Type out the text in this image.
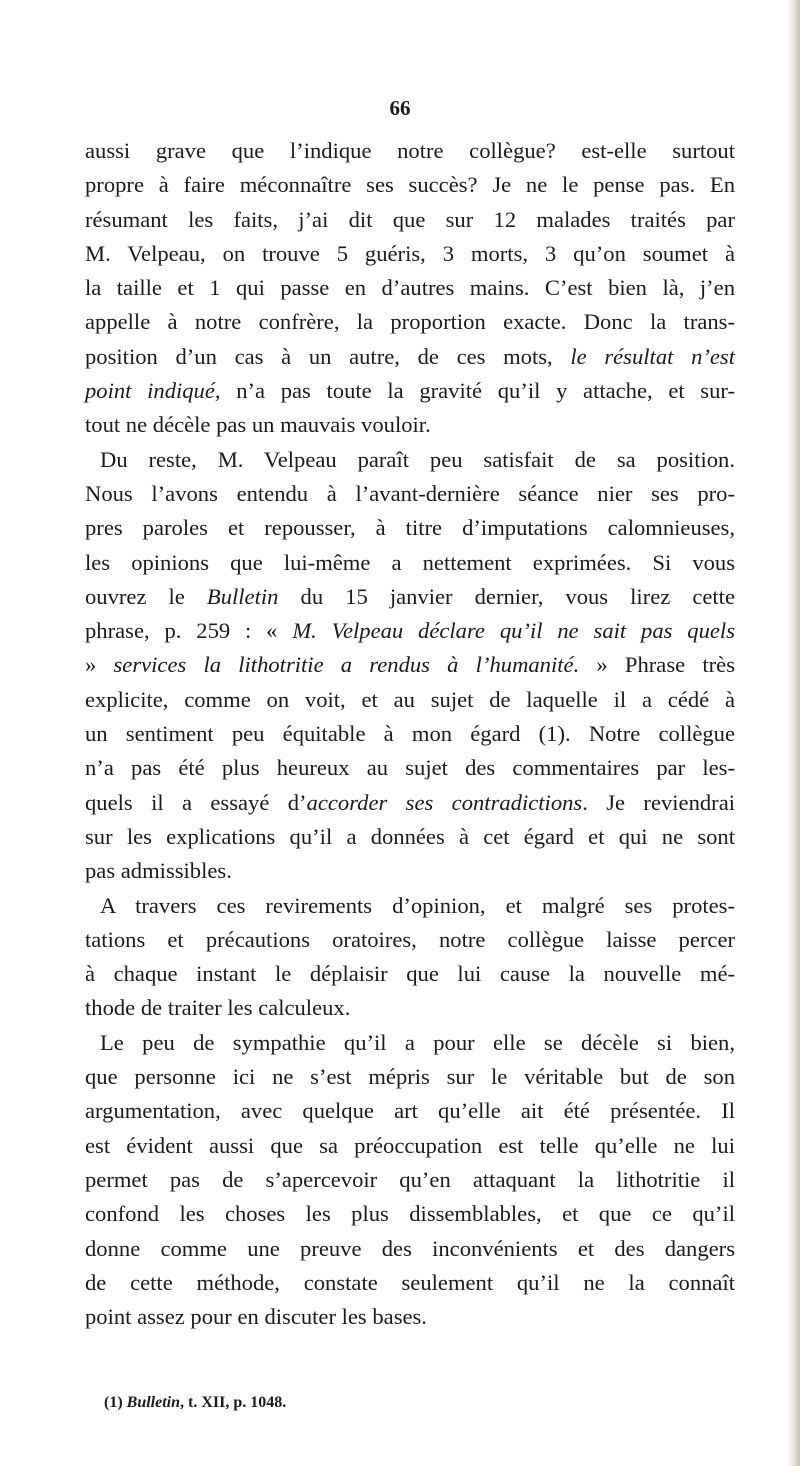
66
aussi grave que l’indique notre collègue? est-elle surtout
propre à faire méconnaître ses succès? Je ne le pense pas. En
résumant les faits, j’ai dit que sur 12 malades traités par
M. Velpeau, on trouve 5 guéris, 3 morts, 3 qu’on soumet à
la taille et 1 qui passe en d’autres mains. C’est bien là, j’en
appelle à notre confrère, la proportion exacte. Donc la trans-
position d’un cas à un autre, de ces mots, le résultat n’est
point indiqué, n’a pas toute la gravité qu’il y attache, et sur-
tout ne décèle pas un mauvais vouloir.
Du reste, M. Velpeau paraît peu satisfait de sa position.
Nous l’avons entendu à l’avant-dernière séance nier ses pro-
pres paroles et repousser, à titre d’imputations calomnieuses,
les opinions que lui-même a nettement exprimées. Si vous
ouvrez le Bulletin du 15 janvier dernier, vous lirez cette
phrase, p. 259 : « M. Velpeau déclare qu’il ne sait pas quels
» services la lithotritie a rendus à l’humanité. » Phrase très
explicite, comme on voit, et au sujet de laquelle il a cédé à
un sentiment peu équitable à mon égard (1). Notre collègue
n’a pas été plus heureux au sujet des commentaires par les-
quels il a essayé d’accorder ses contradictions. Je reviendrai
sur les explications qu’il a données à cet égard et qui ne sont
pas admissibles.
A travers ces revirements d’opinion, et malgré ses protes-
tations et précautions oratoires, notre collègue laisse percer
à chaque instant le déplaisir que lui cause la nouvelle mé-
thode de traiter les calculeux.
Le peu de sympathie qu’il a pour elle se décèle si bien,
que personne ici ne s’est mépris sur le véritable but de son
argumentation, avec quelque art qu’elle ait été présentée. Il
est évident aussi que sa préoccupation est telle qu’elle ne lui
permet pas de s’apercevoir qu’en attaquant la lithotritie il
confond les choses les plus dissemblables, et que ce qu’il
donne comme une preuve des inconvénients et des dangers
de cette méthode, constate seulement qu’il ne la connaît
point assez pour en discuter les bases.
(1) Bulletin, t. XII, p. 1048.
